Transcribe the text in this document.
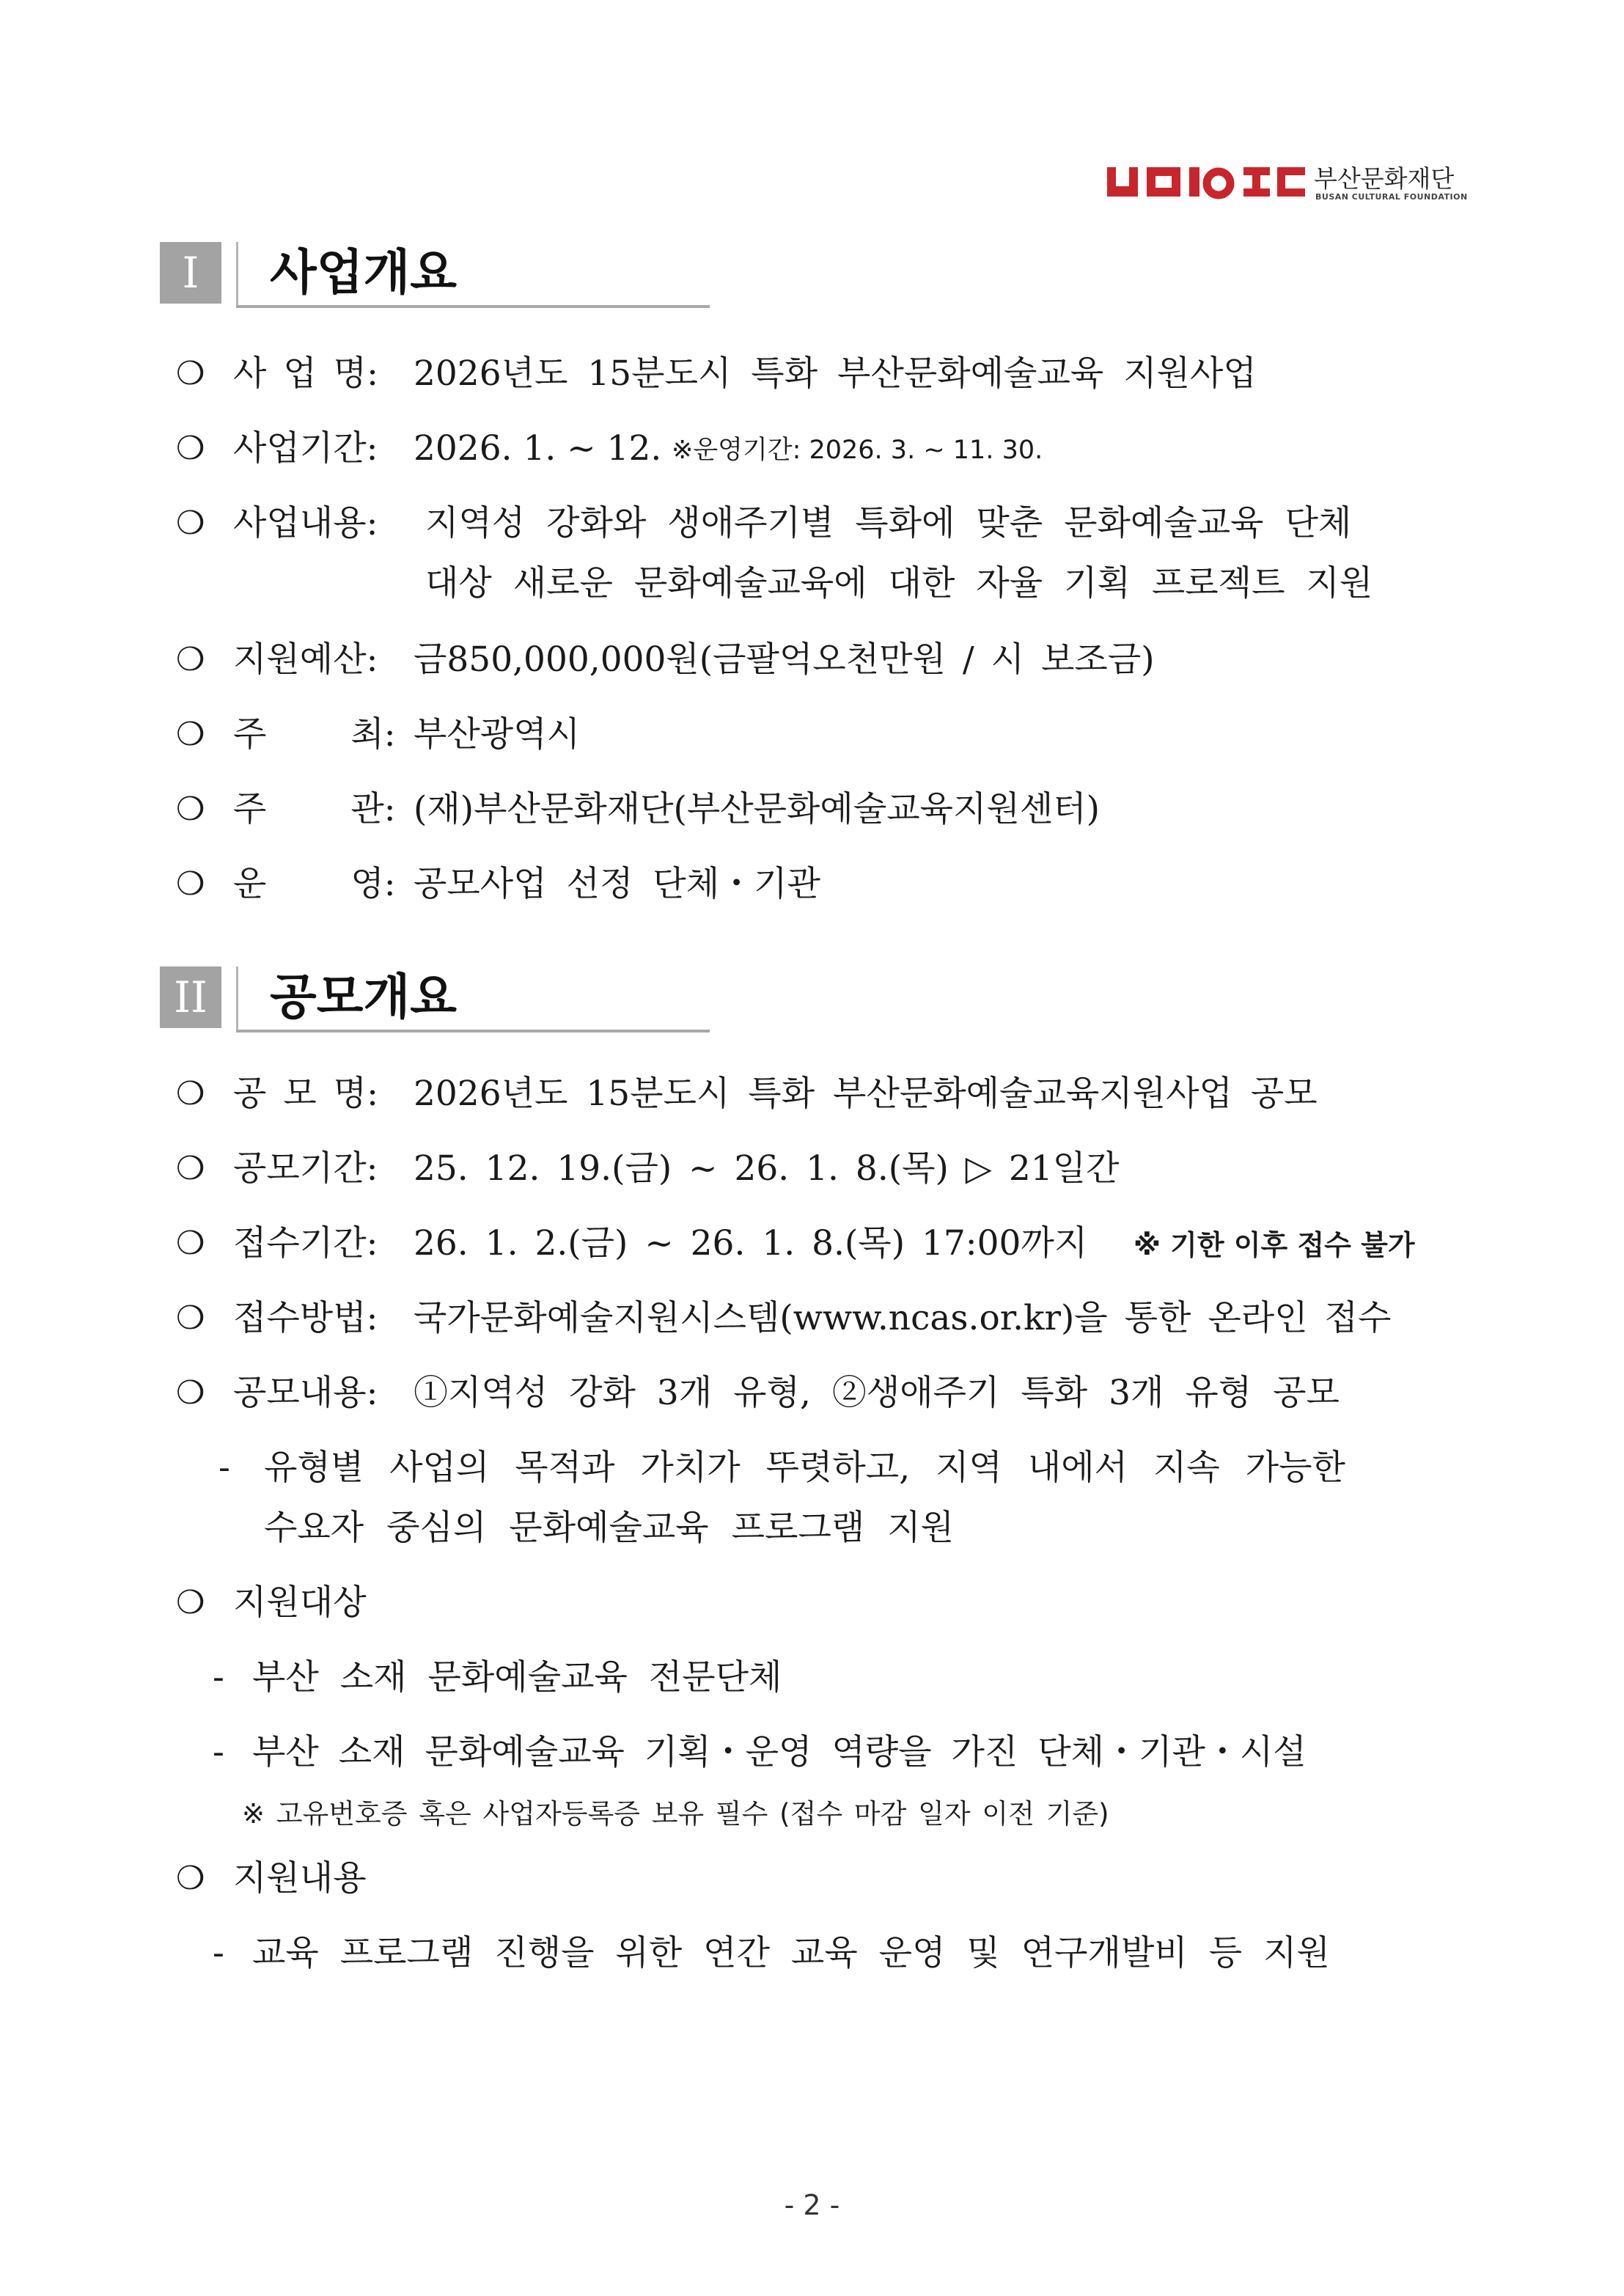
부산문화재단
BUSAN CULTURAL FOUNDATION
I	사업개요
❍ 사 업 명: 2026년도 15분도시 특화 부산문화예술교육 지원사업
❍ 사업기간: 2026. 1. ~ 12. ※운영기간: 2026. 3. ~ 11. 30.
❍ 사업내용: 지역성 강화와 생애주기별 특화에 맞춘 문화예술교육 단체
대상 새로운 문화예술교육에 대한 자율 기획 프로젝트 지원
❍ 지원예산: 금850,000,000원(금팔억오천만원 / 시 보조금)
❍ 주 최: 부산광역시
❍ 주 관: (재)부산문화재단(부산문화예술교육지원센터)
❍ 운 영: 공모사업 선정 단체・기관
II 공모개요
❍ 공 모 명: 2026년도 15분도시 특화 부산문화예술교육지원사업 공모
❍ 공모기간: 25. 12. 19.(금) ~ 26. 1. 8.(목) ▷ 21일간
❍ 접수기간: 26. 1. 2.(금) ~ 26. 1. 8.(목) 17:00까지 ※ 기한 이후 접수 불가
❍ 접수방법: 국가문화예술지원시스템(www.ncas.or.kr)을 통한 온라인 접수
❍ 공모내용: ①지역성 강화 3개 유형, ②생애주기 특화 3개 유형 공모
- 유형별 사업의 목적과 가치가 뚜렷하고, 지역 내에서 지속 가능한
수요자 중심의 문화예술교육 프로그램 지원
❍ 지원대상
- 부산 소재 문화예술교육 전문단체
- 부산 소재 문화예술교육 기획・운영 역량을 가진 단체・기관・시설
※ 고유번호증 혹은 사업자등록증 보유 필수 (접수 마감 일자 이전 기준)
❍ 지원내용
- 교육 프로그램 진행을 위한 연간 교육 운영 및 연구개발비 등 지원
- 2 -
